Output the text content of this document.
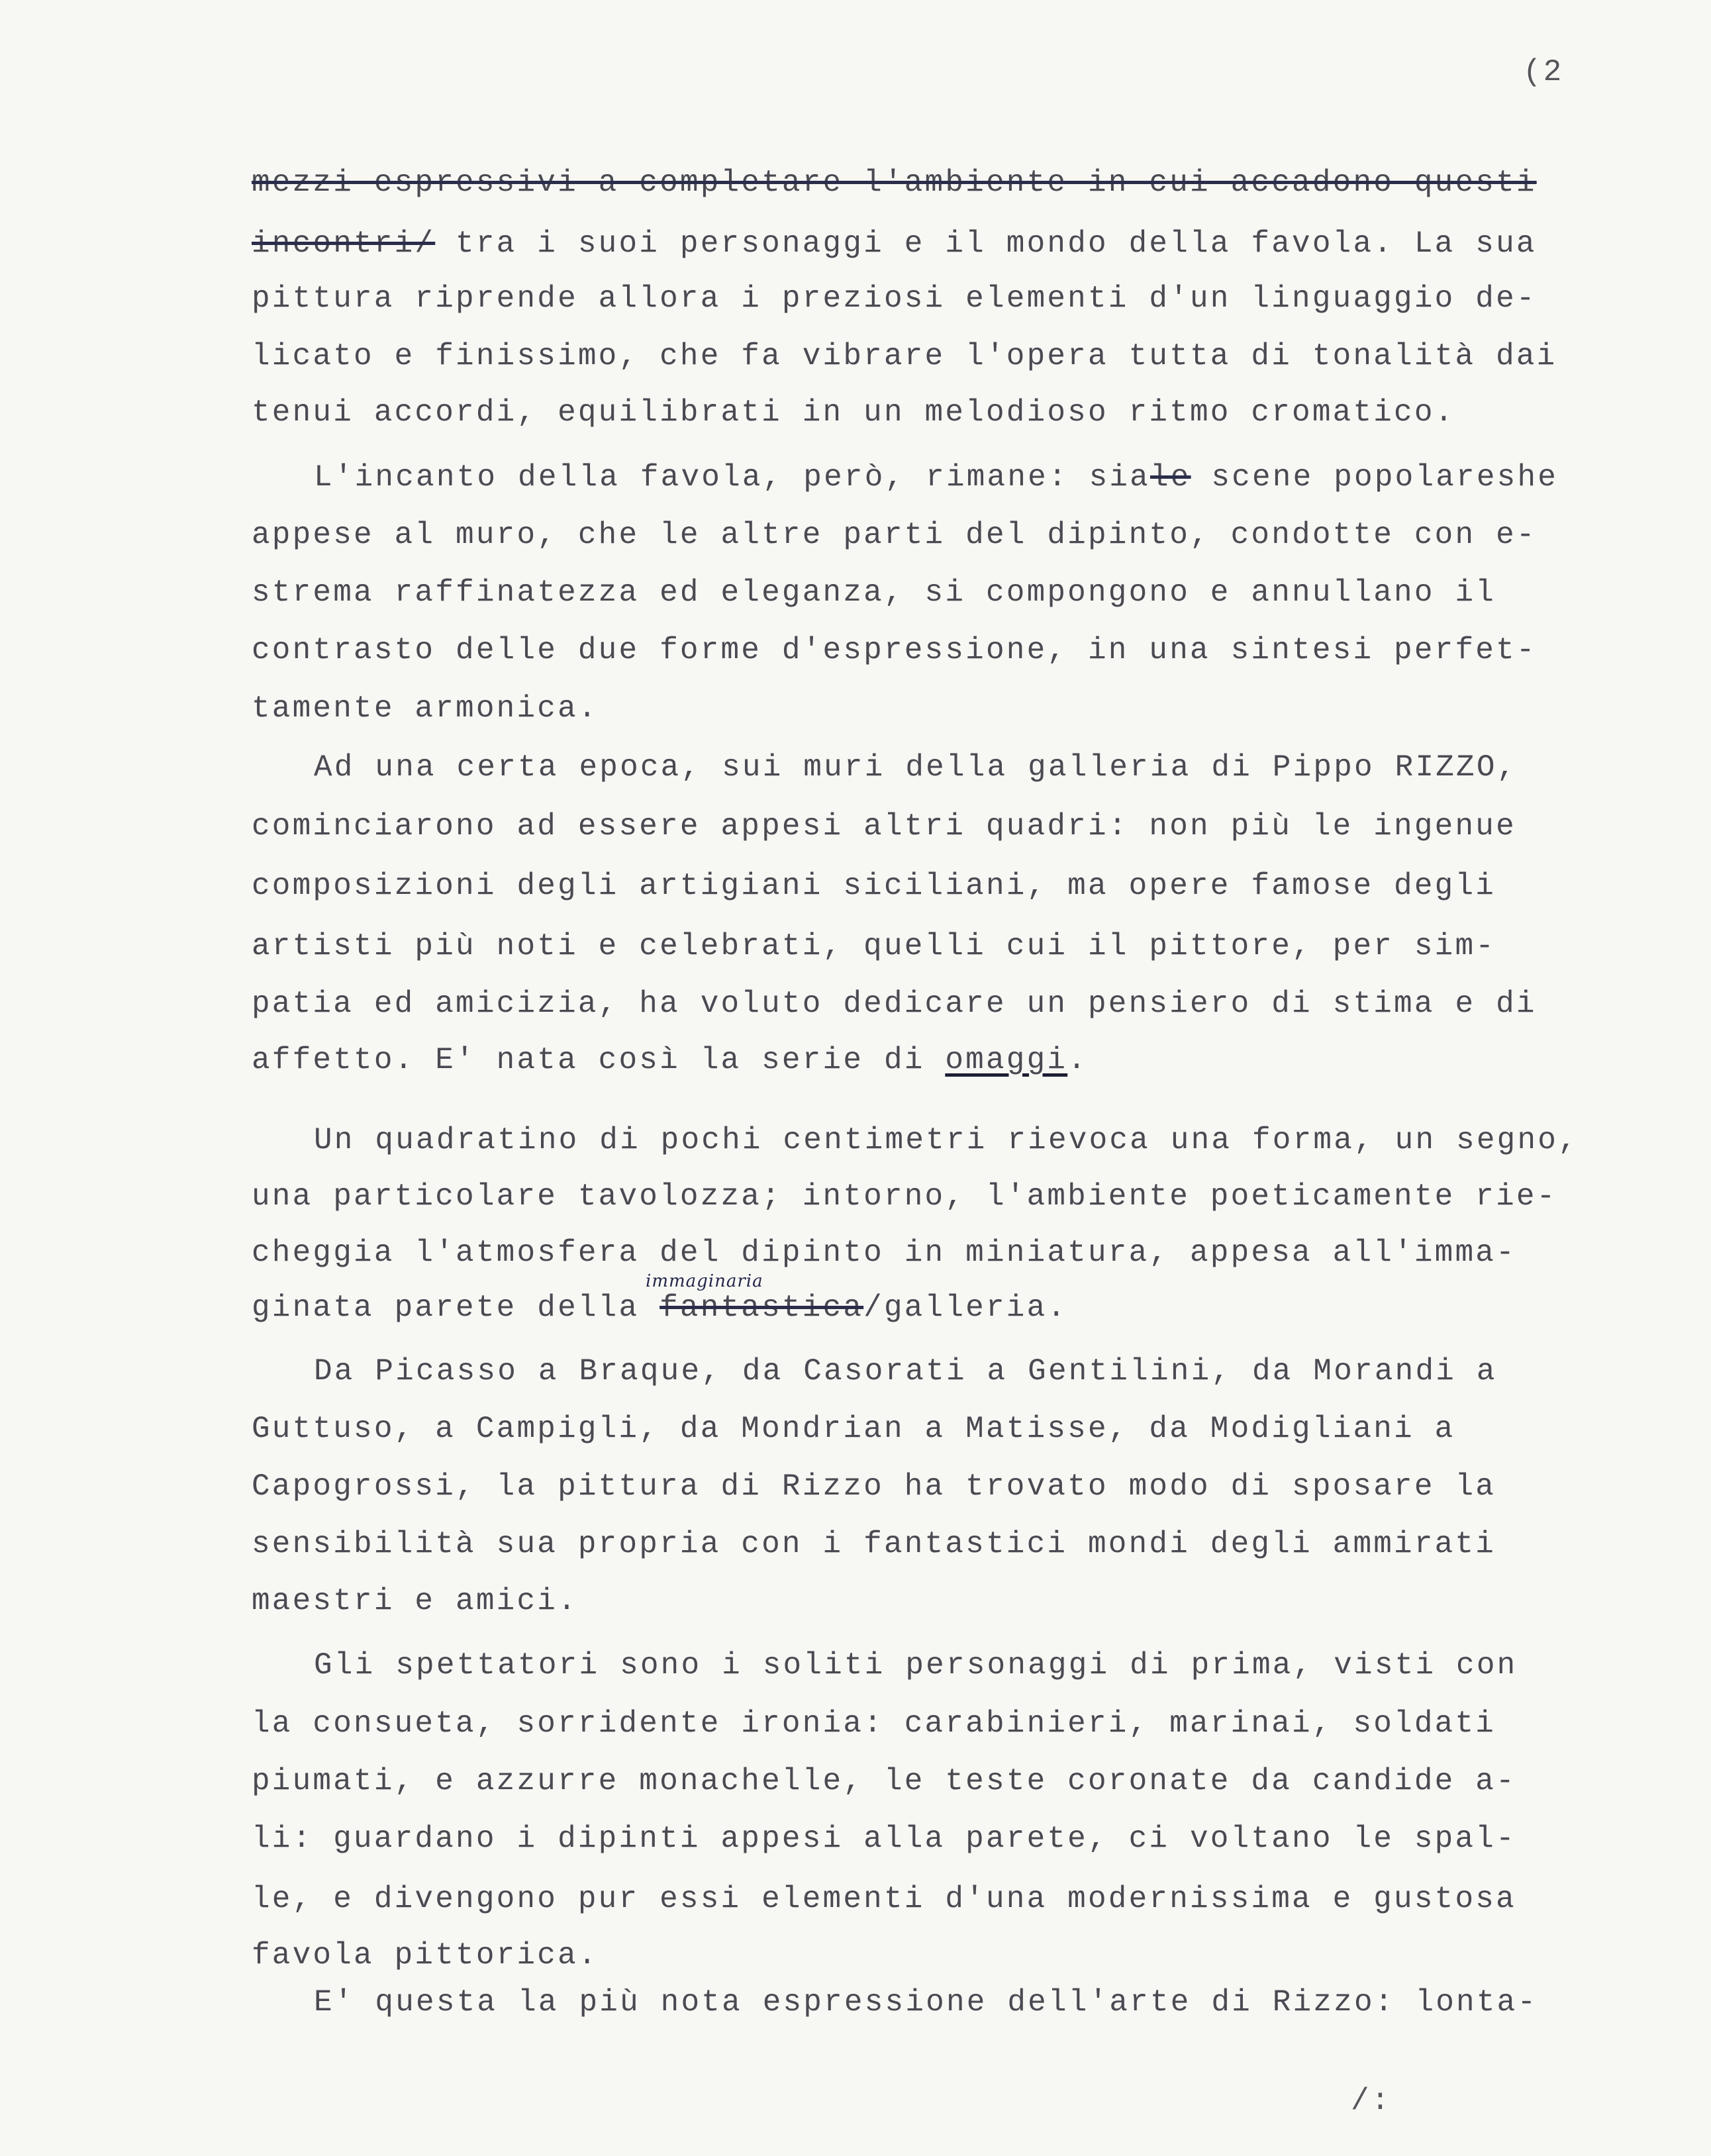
(2
mezzi espressivi a completare l'ambiente in cui accadono questi
incontri/ tra i suoi personaggi e il mondo della favola. La sua
pittura riprende allora i preziosi elementi d'un linguaggio de-
licato e finissimo, che fa vibrare l'opera tutta di tonalità dai
tenui accordi, equilibrati in un melodioso ritmo cromatico.
L'incanto della favola, però, rimane: siale scene popolareshe
appese al muro, che le altre parti del dipinto, condotte con e-
strema raffinatezza ed eleganza, si compongono e annullano il
contrasto delle due forme d'espressione, in una sintesi perfet-
tamente armonica.
Ad una certa epoca, sui muri della galleria di Pippo RIZZO,
cominciarono ad essere appesi altri quadri: non più le ingenue
composizioni degli artigiani siciliani, ma opere famose degli
artisti più noti e celebrati, quelli cui il pittore, per sim-
patia ed amicizia, ha voluto dedicare un pensiero di stima e di
affetto. E' nata così la serie di omaggi.
Un quadratino di pochi centimetri rievoca una forma, un segno,
una particolare tavolozza; intorno, l'ambiente poeticamente rie-
cheggia l'atmosfera del dipinto in miniatura, appesa all'imma-
ginata parete della fantastica/galleria.
Da Picasso a Braque, da Casorati a Gentilini, da Morandi a
Guttuso, a Campigli, da Mondrian a Matisse, da Modigliani a
Capogrossi, la pittura di Rizzo ha trovato modo di sposare la
sensibilità sua propria con i fantastici mondi degli ammirati
maestri e amici.
Gli spettatori sono i soliti personaggi di prima, visti con
la consueta, sorridente ironia: carabinieri, marinai, soldati
piumati, e azzurre monachelle, le teste coronate da candide a-
li: guardano i dipinti appesi alla parete, ci voltano le spal-
le, e divengono pur essi elementi d'una modernissima e gustosa
favola pittorica.
E' questa la più nota espressione dell'arte di Rizzo: lonta-
immaginaria
/:
